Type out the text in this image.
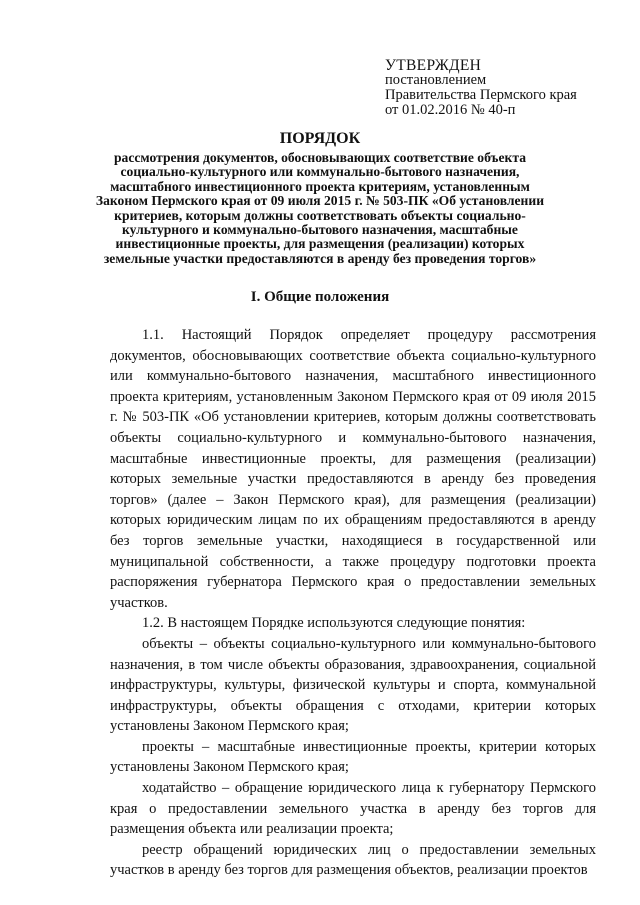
УТВЕРЖДЕН
постановлением
Правительства Пермского края
от 01.02.2016 № 40-п
ПОРЯДОК
рассмотрения документов, обосновывающих соответствие объекта социально-культурного или коммунально-бытового назначения, масштабного инвестиционного проекта критериям, установленным Законом Пермского края от 09 июля 2015 г. № 503-ПК «Об установлении критериев, которым должны соответствовать объекты социально-культурного и коммунально-бытового назначения, масштабные инвестиционные проекты, для размещения (реализации) которых земельные участки предоставляются в аренду без проведения торгов»
I. Общие положения

1.1. Настоящий Порядок определяет процедуру рассмотрения документов, обосновывающих соответствие объекта социально-культурного или коммунально-бытового назначения, масштабного инвестиционного проекта критериям, установленным Законом Пермского края от 09 июля 2015 г. № 503-ПК «Об установлении критериев, которым должны соответствовать объекты социально-культурного и коммунально-бытового назначения, масштабные инвестиционные проекты, для размещения (реализации) которых земельные участки предоставляются в аренду без проведения торгов» (далее – Закон Пермского края), для размещения (реализации) которых юридическим лицам по их обращениям предоставляются в аренду без торгов земельные участки, находящиеся в государственной или муниципальной собственности, а также процедуру подготовки проекта распоряжения губернатора Пермского края о предоставлении земельных участков.

1.2. В настоящем Порядке используются следующие понятия:

объекты – объекты социально-культурного или коммунально-бытового назначения, в том числе объекты образования, здравоохранения, социальной инфраструктуры, культуры, физической культуры и спорта, коммунальной инфраструктуры, объекты обращения с отходами, критерии которых установлены Законом Пермского края;

проекты – масштабные инвестиционные проекты, критерии которых установлены Законом Пермского края;

ходатайство – обращение юридического лица к губернатору Пермского края о предоставлении земельного участка в аренду без торгов для размещения объекта или реализации проекта;

реестр обращений юридических лиц о предоставлении земельных участков в аренду без торгов для размещения объектов, реализации проектов
